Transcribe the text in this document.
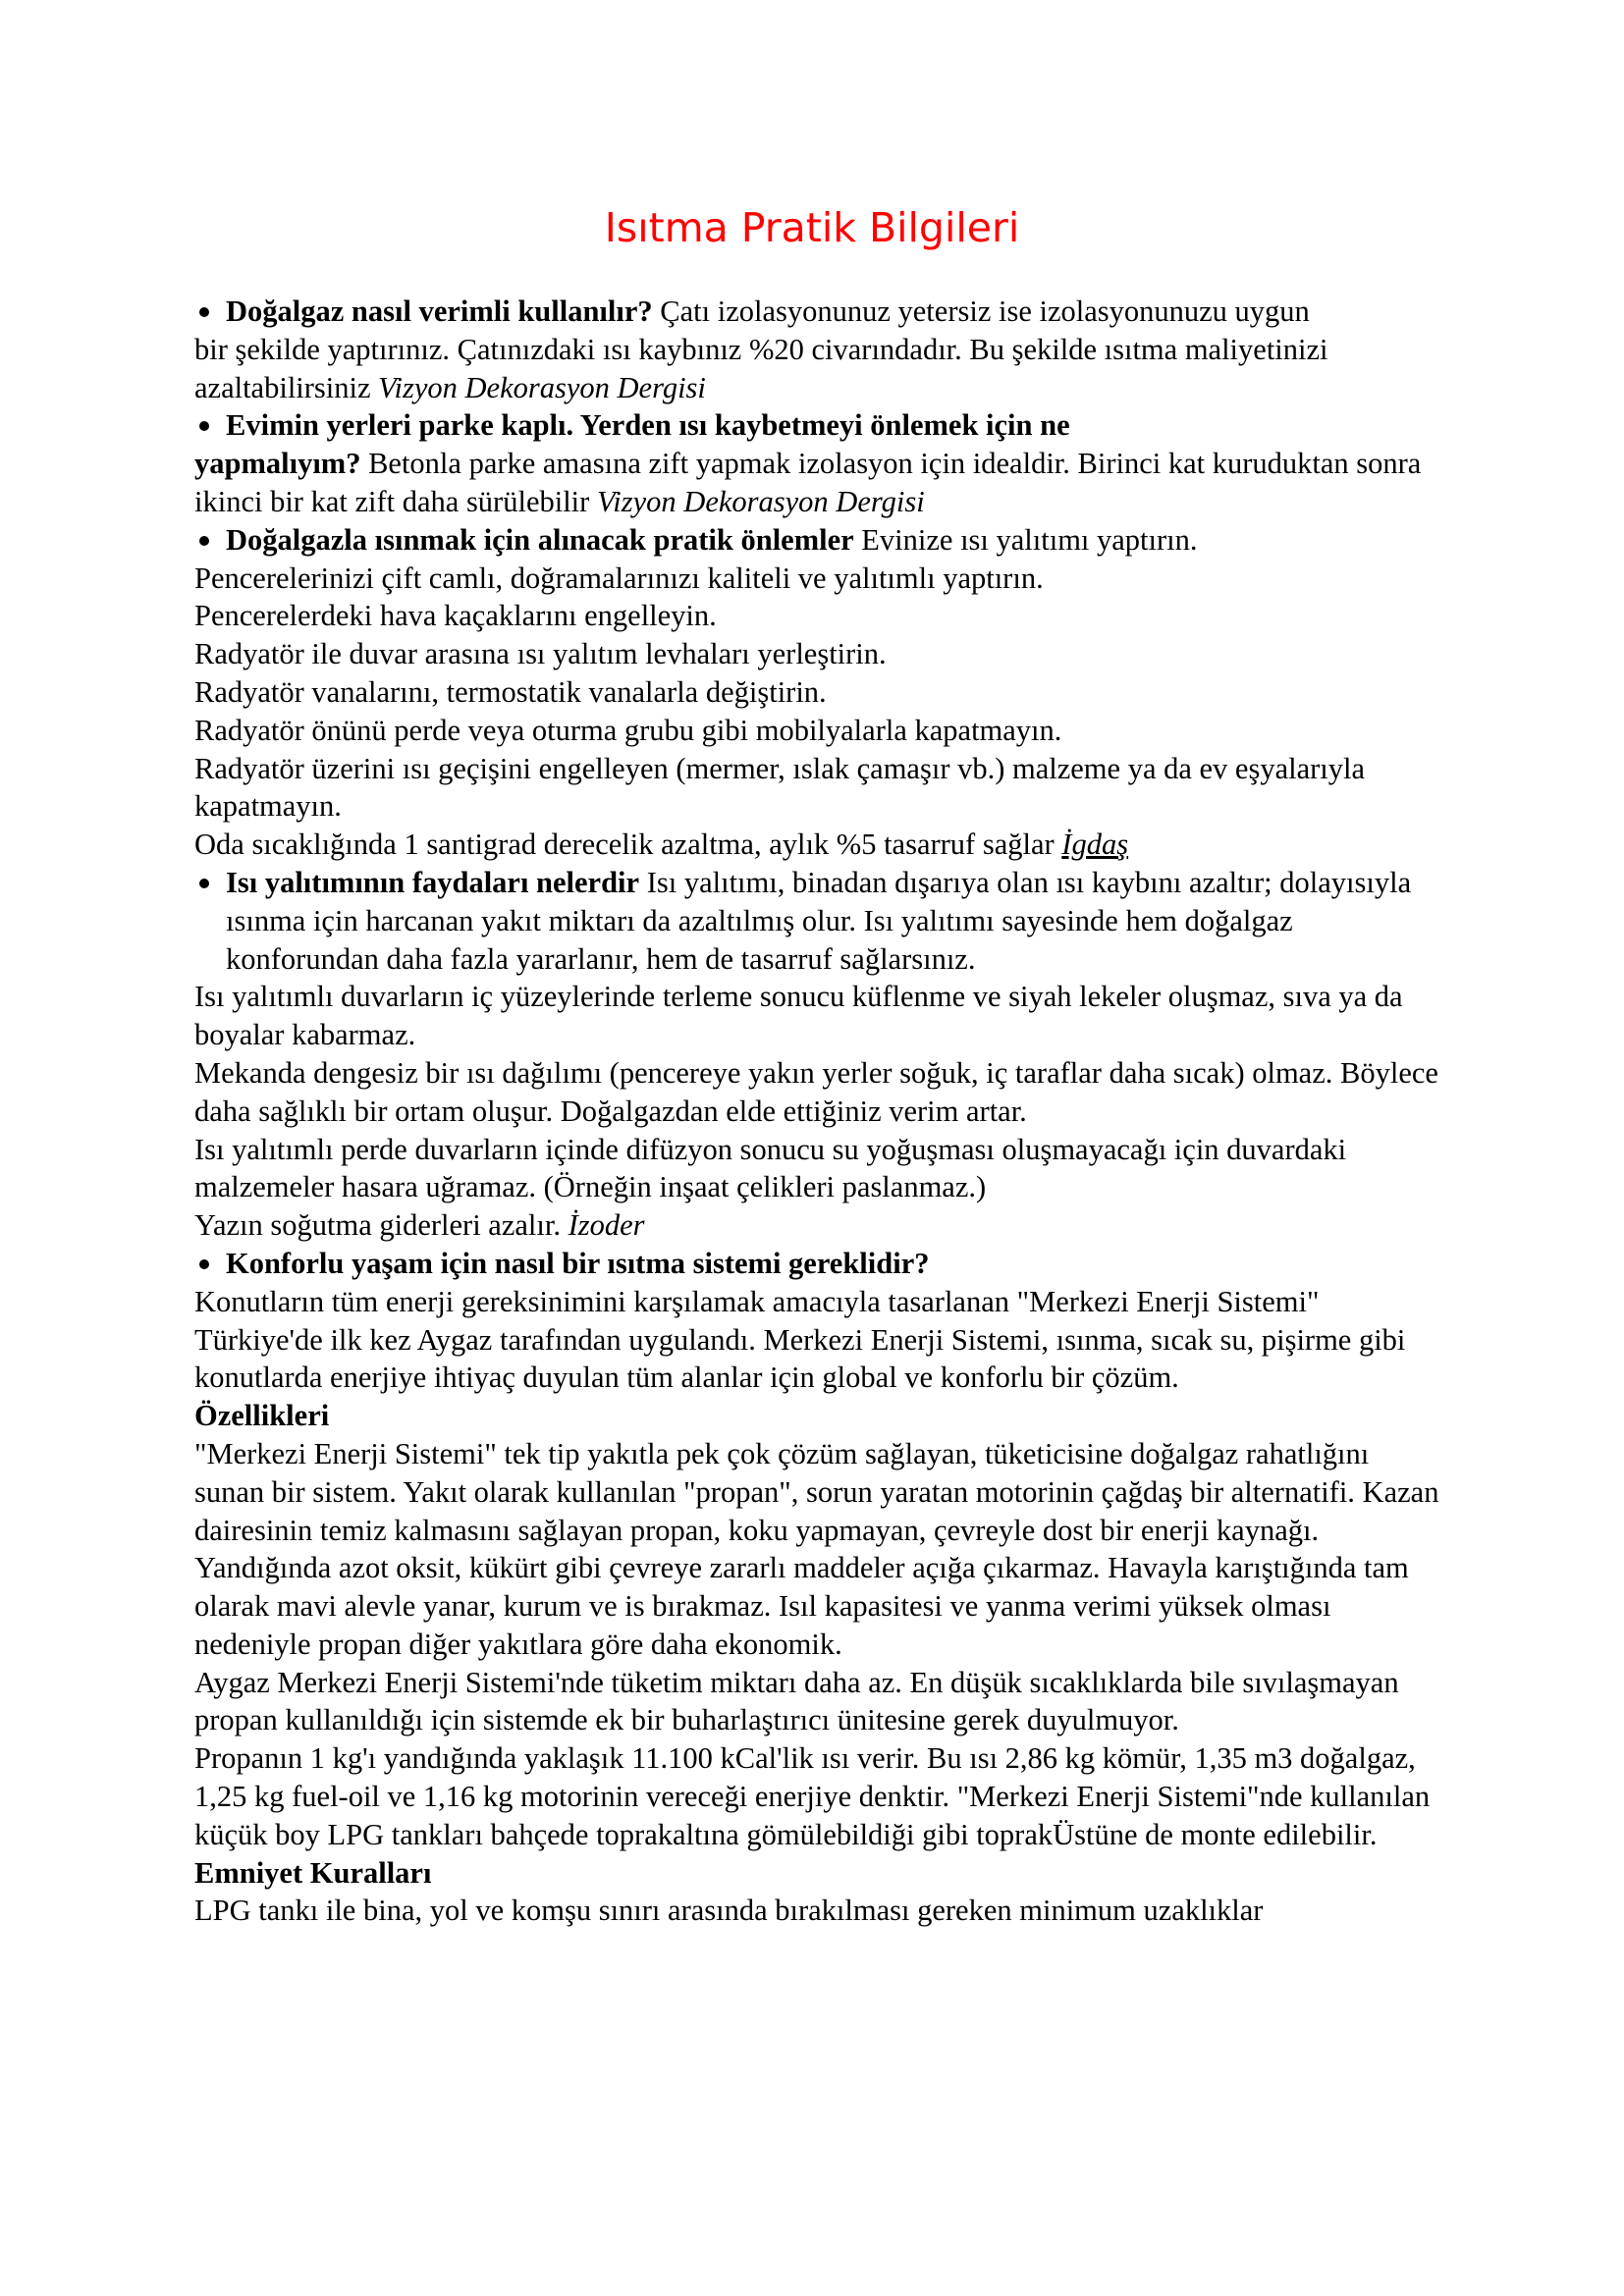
Isıtma Pratik Bilgileri

Doğalgaz nasıl verimli kullanılır? Çatı izolasyonunuz yetersiz ise izolasyonunuzu uygun

bir şekilde yaptırınız. Çatınızdaki ısı kaybınız %20 civarındadır. Bu şekilde ısıtma maliyetinizi azaltabilirsiniz Vizyon Dekorasyon Dergisi

Evimin yerleri parke kaplı. Yerden ısı kaybetmeyi önlemek için ne

yapmalıyım? Betonla parke amasına zift yapmak izolasyon için idealdir. Birinci kat kuruduktan sonra ikinci bir kat zift daha sürülebilir Vizyon Dekorasyon Dergisi

Doğalgazla ısınmak için alınacak pratik önlemler Evinize ısı yalıtımı yaptırın.

Pencerelerinizi çift camlı, doğramalarınızı kaliteli ve yalıtımlı yaptırın.

Pencerelerdeki hava kaçaklarını engelleyin.

Radyatör ile duvar arasına ısı yalıtım levhaları yerleştirin.

Radyatör vanalarını, termostatik vanalarla değiştirin.

Radyatör önünü perde veya oturma grubu gibi mobilyalarla kapatmayın.

Radyatör üzerini ısı geçişini engelleyen (mermer, ıslak çamaşır vb.) malzeme ya da ev eşyalarıyla kapatmayın.

Oda sıcaklığında 1 santigrad derecelik azaltma, aylık %5 tasarruf sağlar İgdaş

Isı yalıtımının faydaları nelerdir Isı yalıtımı, binadan dışarıya olan ısı kaybını azaltır; dolayısıyla ısınma için harcanan yakıt miktarı da azaltılmış olur. Isı yalıtımı sayesinde hem doğalgaz konforundan daha fazla yararlanır, hem de tasarruf sağlarsınız.

Isı yalıtımlı duvarların iç yüzeylerinde terleme sonucu küflenme ve siyah lekeler oluşmaz, sıva ya da boyalar kabarmaz.

Mekanda dengesiz bir ısı dağılımı (pencereye yakın yerler soğuk, iç taraflar daha sıcak) olmaz. Böylece daha sağlıklı bir ortam oluşur. Doğalgazdan elde ettiğiniz verim artar.

Isı yalıtımlı perde duvarların içinde difüzyon sonucu su yoğuşması oluşmayacağı için duvardaki malzemeler hasara uğramaz. (Örneğin inşaat çelikleri paslanmaz.)

Yazın soğutma giderleri azalır. İzoder

Konforlu yaşam için nasıl bir ısıtma sistemi gereklidir?

Konutların tüm enerji gereksinimini karşılamak amacıyla tasarlanan "Merkezi Enerji Sistemi" Türkiye'de ilk kez Aygaz tarafından uygulandı. Merkezi Enerji Sistemi, ısınma, sıcak su, pişirme gibi konutlarda enerjiye ihtiyaç duyulan tüm alanlar için global ve konforlu bir çözüm.

Özellikleri

"Merkezi Enerji Sistemi" tek tip yakıtla pek çok çözüm sağlayan, tüketicisine doğalgaz rahatlığını sunan bir sistem. Yakıt olarak kullanılan "propan", sorun yaratan motorinin çağdaş bir alternatifi. Kazan dairesinin temiz kalmasını sağlayan propan, koku yapmayan, çevreyle dost bir enerji kaynağı. Yandığında azot oksit, kükürt gibi çevreye zararlı maddeler açığa çıkarmaz. Havayla karıştığında tam olarak mavi alevle yanar, kurum ve is bırakmaz. Isıl kapasitesi ve yanma verimi yüksek olması nedeniyle propan diğer yakıtlara göre daha ekonomik.

Aygaz Merkezi Enerji Sistemi'nde tüketim miktarı daha az. En düşük sıcaklıklarda bile sıvılaşmayan propan kullanıldığı için sistemde ek bir buharlaştırıcı ünitesine gerek duyulmuyor.

Propanın 1 kg'ı yandığında yaklaşık 11.100 kCal'lik ısı verir. Bu ısı 2,86 kg kömür, 1,35 m3 doğalgaz, 1,25 kg fuel-oil ve 1,16 kg motorinin vereceği enerjiye denktir. "Merkezi Enerji Sistemi"nde kullanılan küçük boy LPG tankları bahçede toprakaltına gömülebildiği gibi toprakÜstüne de monte edilebilir.

Emniyet Kuralları

LPG tankı ile bina, yol ve komşu sınırı arasında bırakılması gereken minimum uzaklıklar
